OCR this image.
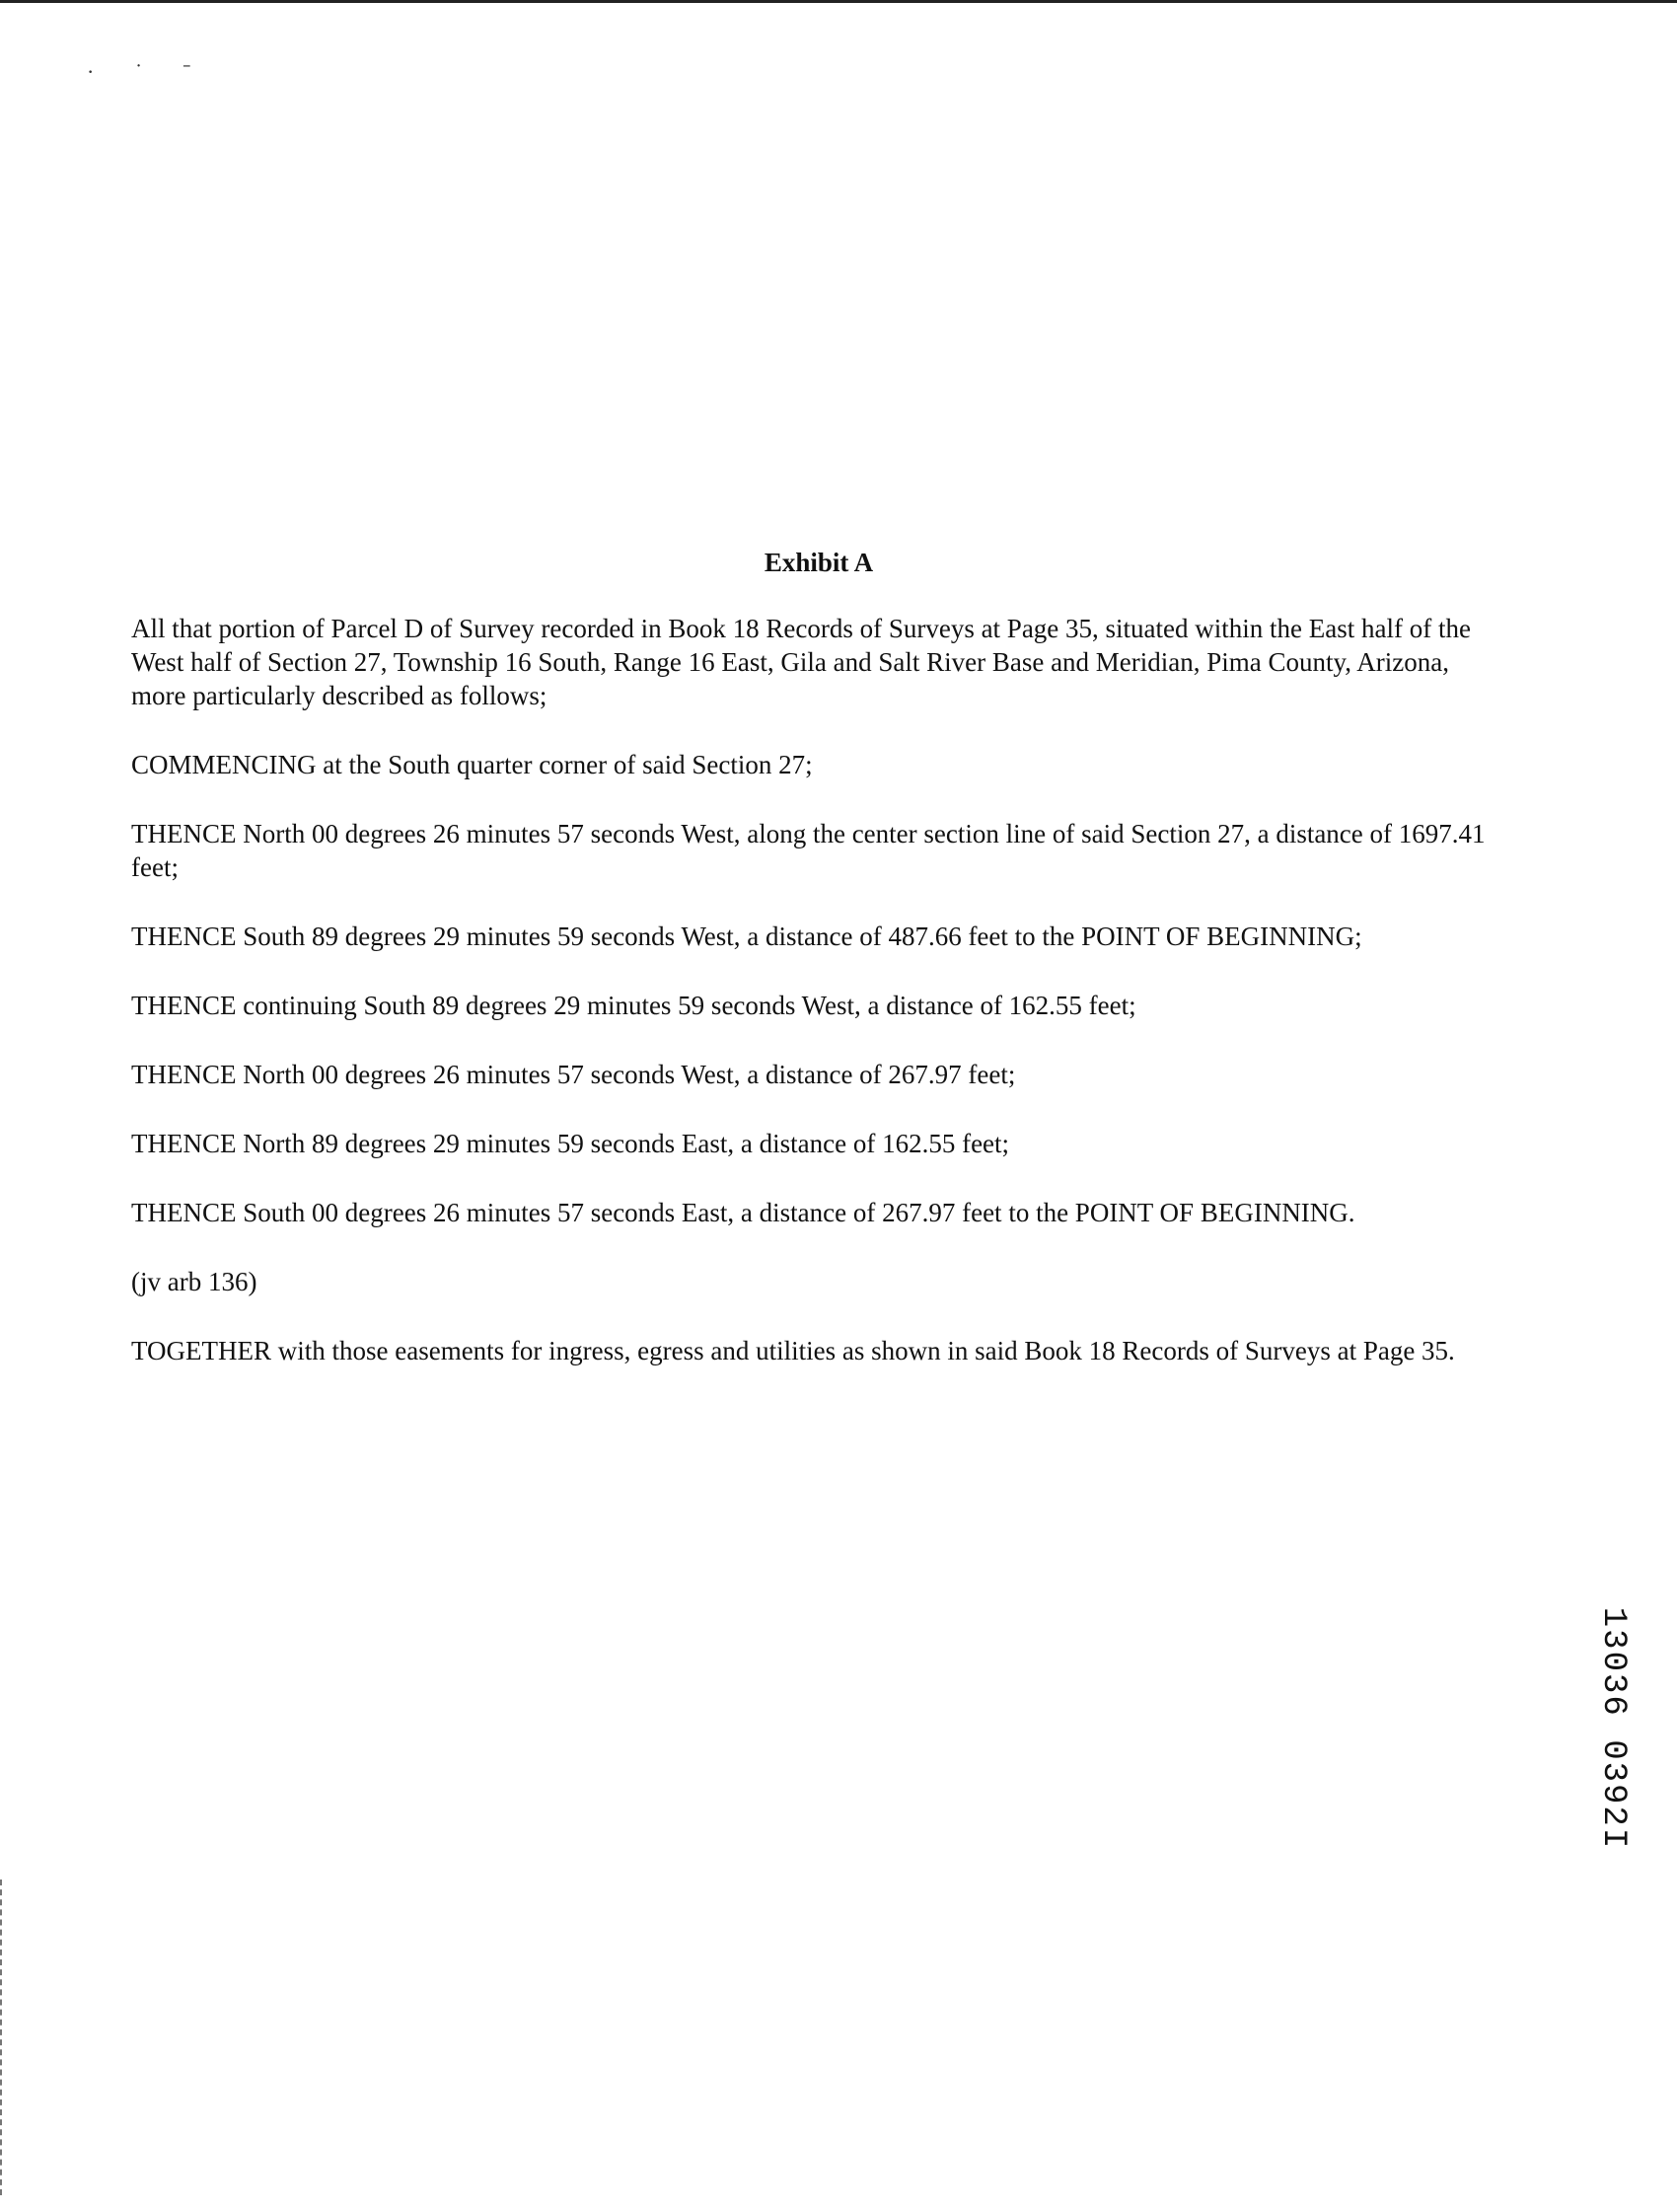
· ˙ ˉ
Exhibit A

All that portion of Parcel D of Survey recorded in Book 18 Records of Surveys at Page 35, situated within the East half of the West half of Section 27, Township 16 South, Range 16 East, Gila and Salt River Base and Meridian, Pima County, Arizona, more particularly described as follows;

COMMENCING at the South quarter corner of said Section 27;

THENCE North 00 degrees 26 minutes 57 seconds West, along the center section line of said Section 27, a distance of 1697.41 feet;

THENCE South 89 degrees 29 minutes 59 seconds West, a distance of 487.66 feet to the POINT OF BEGINNING;

THENCE continuing South 89 degrees 29 minutes 59 seconds West, a distance of 162.55 feet;

THENCE North 00 degrees 26 minutes 57 seconds West, a distance of 267.97 feet;

THENCE North 89 degrees 29 minutes 59 seconds East, a distance of 162.55 feet;

THENCE South 00 degrees 26 minutes 57 seconds East, a distance of 267.97 feet to the POINT OF BEGINNING.

(jv arb 136)

TOGETHER with those easements for ingress, egress and utilities as shown in said Book 18 Records of Surveys at Page 35.

13036 0392I
